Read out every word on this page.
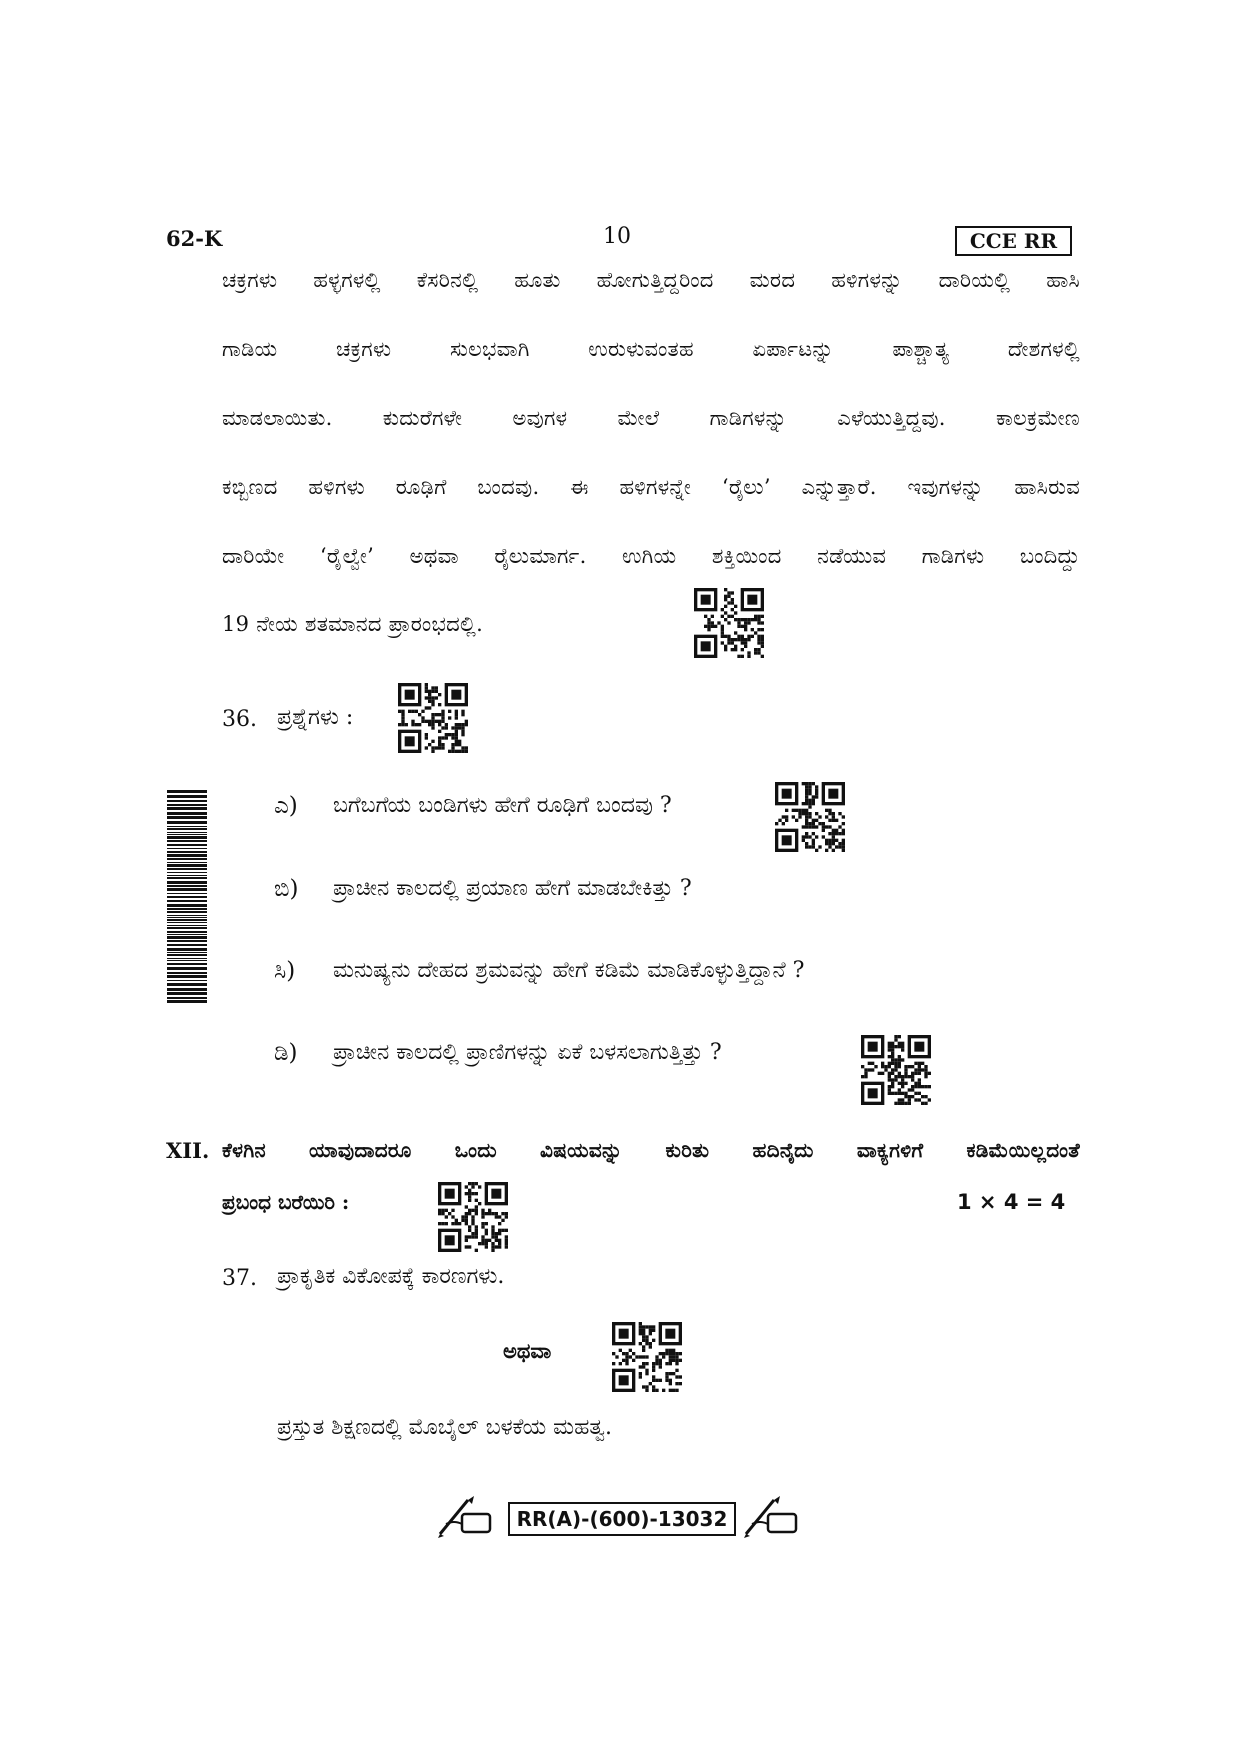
62-K	10	CCE RR
ಚಕ್ರಗಳು ಹಳ್ಳಗಳಲ್ಲಿ ಕೆಸರಿನಲ್ಲಿ ಹೂತು ಹೋಗುತ್ತಿದ್ದರಿಂದ ಮರದ ಹಳಿಗಳನ್ನು ದಾರಿಯಲ್ಲಿ ಹಾಸಿ
ಗಾಡಿಯ ಚಕ್ರಗಳು ಸುಲಭವಾಗಿ ಉರುಳುವಂತಹ ಏರ್ಪಾಟನ್ನು ಪಾಶ್ಚಾತ್ಯ ದೇಶಗಳಲ್ಲಿ
ಮಾಡಲಾಯಿತು. ಕುದುರೆಗಳೇ ಅವುಗಳ ಮೇಲೆ ಗಾಡಿಗಳನ್ನು ಎಳೆಯುತ್ತಿದ್ದವು. ಕಾಲಕ್ರಮೇಣ
ಕಬ್ಬಿಣದ ಹಳಿಗಳು ರೂಢಿಗೆ ಬಂದವು. ಈ ಹಳಿಗಳನ್ನೇ ‘ರೈಲು’ ಎನ್ನುತ್ತಾರೆ. ಇವುಗಳನ್ನು ಹಾಸಿರುವ
ದಾರಿಯೇ ‘ರೈಲ್ವೇ’ ಅಥವಾ ರೈಲುಮಾರ್ಗ. ಉಗಿಯ ಶಕ್ತಿಯಿಂದ ನಡೆಯುವ ಗಾಡಿಗಳು ಬಂದಿದ್ದು
19 ನೇಯ ಶತಮಾನದ ಪ್ರಾರಂಭದಲ್ಲಿ.
36. ಪ್ರಶ್ನೆಗಳು :
ಎ) ಬಗೆಬಗೆಯ ಬಂಡಿಗಳು ಹೇಗೆ ರೂಢಿಗೆ ಬಂದವು ?
ಬಿ) ಪ್ರಾಚೀನ ಕಾಲದಲ್ಲಿ ಪ್ರಯಾಣ ಹೇಗೆ ಮಾಡಬೇಕಿತ್ತು ?
ಸಿ) ಮನುಷ್ಯನು ದೇಹದ ಶ್ರಮವನ್ನು ಹೇಗೆ ಕಡಿಮೆ ಮಾಡಿಕೊಳ್ಳುತ್ತಿದ್ದಾನೆ ?
ಡಿ) ಪ್ರಾಚೀನ ಕಾಲದಲ್ಲಿ ಪ್ರಾಣಿಗಳನ್ನು ಏಕೆ ಬಳಸಲಾಗುತ್ತಿತ್ತು ?
XII. ಕೆಳಗಿನ ಯಾವುದಾದರೂ ಒಂದು ವಿಷಯವನ್ನು ಕುರಿತು ಹದಿನೈದು ವಾಕ್ಯಗಳಿಗೆ ಕಡಿಮೆಯಿಲ್ಲದಂತೆ
ಪ್ರಬಂಧ ಬರೆಯಿರಿ :	1 × 4 = 4
37. ಪ್ರಾಕೃತಿಕ ವಿಕೋಪಕ್ಕೆ ಕಾರಣಗಳು.
ಅಥವಾ
ಪ್ರಸ್ತುತ ಶಿಕ್ಷಣದಲ್ಲಿ ಮೊಬೈಲ್ ಬಳಕೆಯ ಮಹತ್ವ.
RR(A)-(600)-13032
